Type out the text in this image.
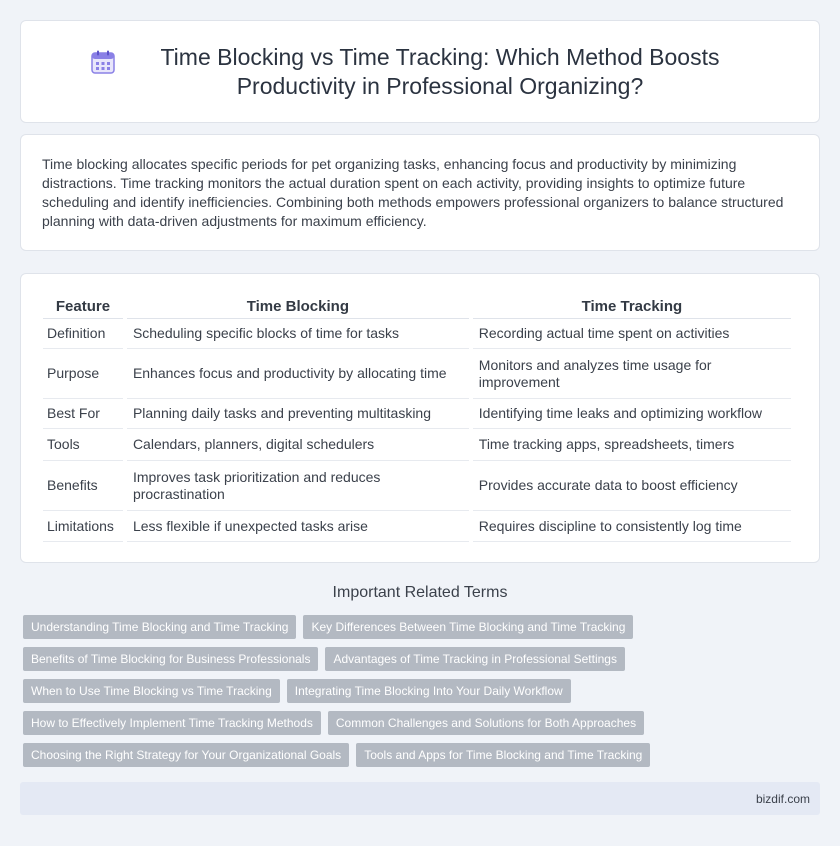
Time Blocking vs Time Tracking: Which Method Boosts Productivity in Professional Organizing?

Time blocking allocates specific periods for pet organizing tasks, enhancing focus and productivity by minimizing distractions. Time tracking monitors the actual duration spent on each activity, providing insights to optimize future scheduling and identify inefficiencies. Combining both methods empowers professional organizers to balance structured planning with data-driven adjustments for maximum efficiency.

Feature	Time Blocking	Time Tracking
Definition	Scheduling specific blocks of time for tasks	Recording actual time spent on activities
Purpose	Enhances focus and productivity by allocating time	Monitors and analyzes time usage for improvement
Best For	Planning daily tasks and preventing multitasking	Identifying time leaks and optimizing workflow
Tools	Calendars, planners, digital schedulers	Time tracking apps, spreadsheets, timers
Benefits	Improves task prioritization and reduces procrastination	Provides accurate data to boost efficiency
Limitations	Less flexible if unexpected tasks arise	Requires discipline to consistently log time
Important Related Terms
Understanding Time Blocking and Time Tracking	Key Differences Between Time Blocking and Time Tracking
Benefits of Time Blocking for Business Professionals	Advantages of Time Tracking in Professional Settings
When to Use Time Blocking vs Time Tracking	Integrating Time Blocking Into Your Daily Workflow
How to Effectively Implement Time Tracking Methods	Common Challenges and Solutions for Both Approaches
Choosing the Right Strategy for Your Organizational Goals	Tools and Apps for Time Blocking and Time Tracking
bizdif.com
